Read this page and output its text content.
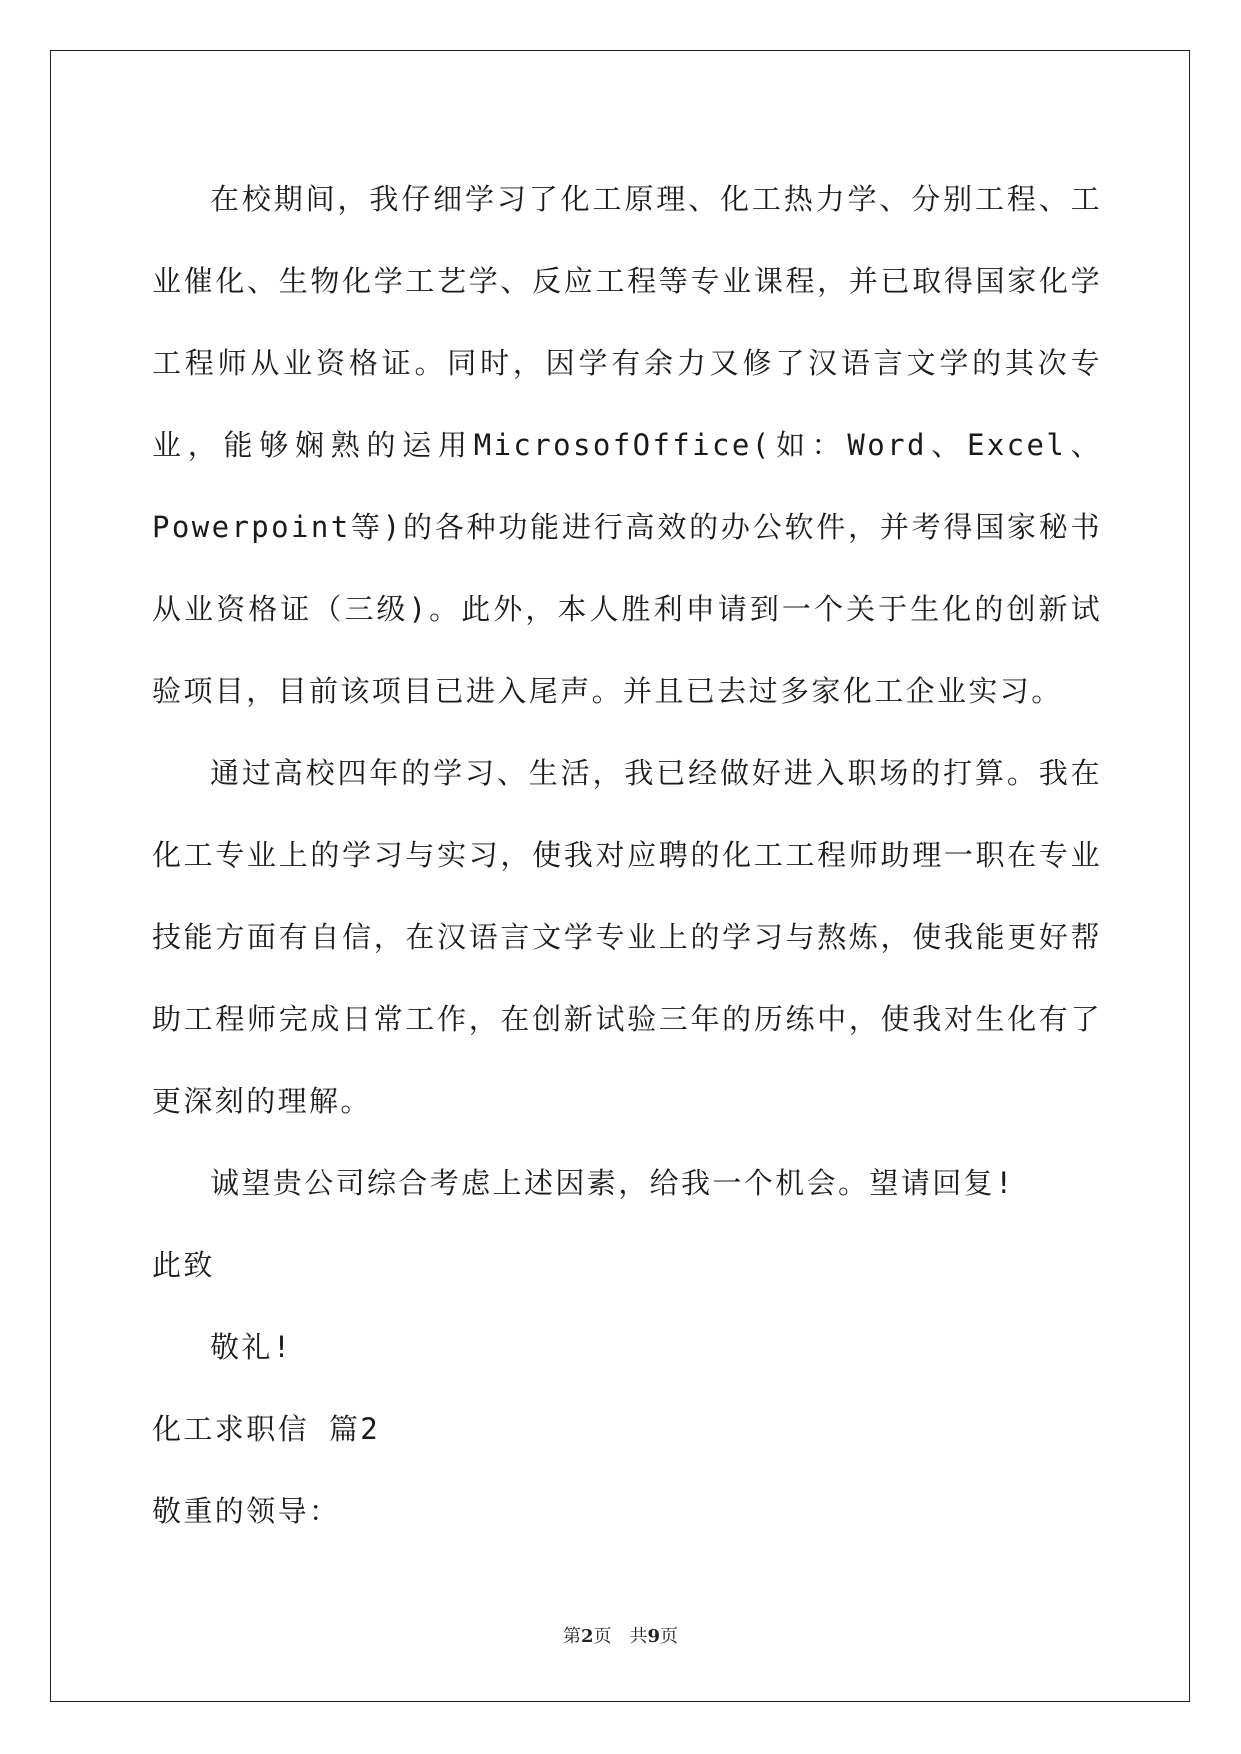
在校期间，我仔细学习了化工原理、化工热力学、分别工程、工业催化、生物化学工艺学、反应工程等专业课程，并已取得国家化学工程师从业资格证。同时，因学有余力又修了汉语言文学的其次专业，能够娴熟的运用MicrosofOffice(如：Word、Excel、Powerpoint等)的各种功能进行高效的办公软件，并考得国家秘书从业资格证（三级)。此外，本人胜利申请到一个关于生化的创新试验项目，目前该项目已进入尾声。并且已去过多家化工企业实习。

通过高校四年的学习、生活，我已经做好进入职场的打算。我在化工专业上的学习与实习，使我对应聘的化工工程师助理一职在专业技能方面有自信，在汉语言文学专业上的学习与熬炼，使我能更好帮助工程师完成日常工作，在创新试验三年的历练中，使我对生化有了更深刻的理解。

诚望贵公司综合考虑上述因素，给我一个机会。望请回复!

此致

敬礼!

化工求职信 篇2

敬重的领导：

第2页　共9页
